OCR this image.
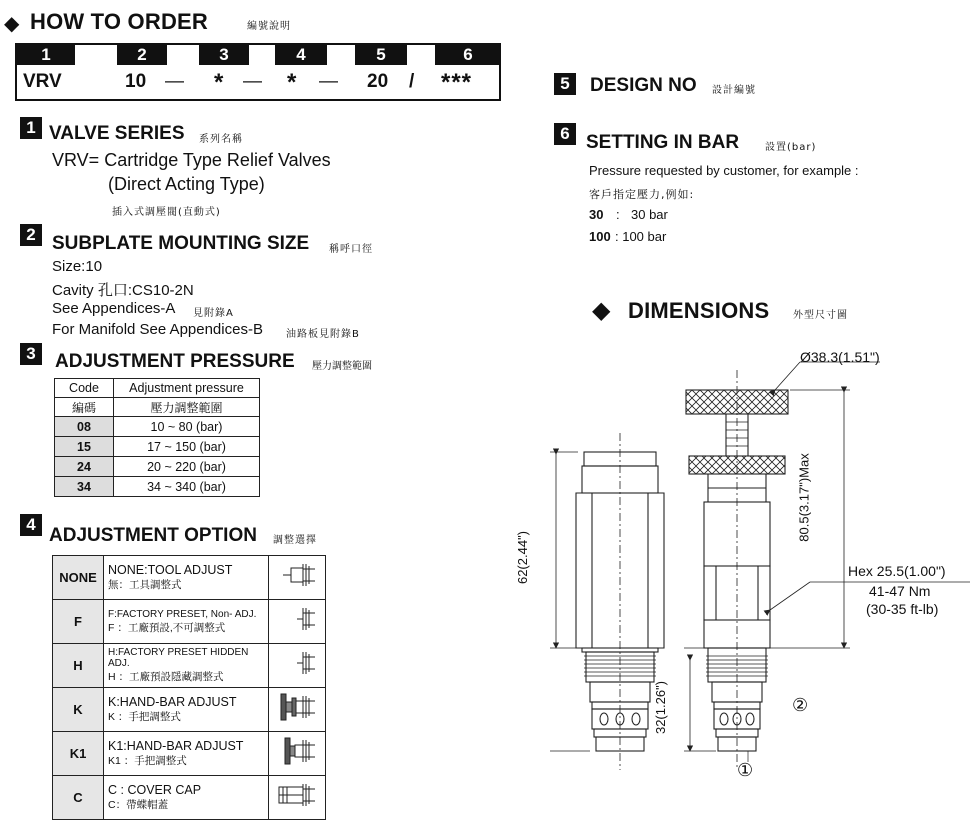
◆ HOW TO ORDER	編號說明
1	2	3	4	5	6
VRV	10 — * — * — 20 / ***
1 VALVE SERIES 系列名稱
VRV= Cartridge Type Relief Valves
(Direct Acting Type)
插入式調壓閥(直動式)
2 SUBPLATE MOUNTING SIZE 稱呼口徑
Size:10
Cavity 孔口:CS10-2N
See Appendices-A 見附錄A
For Manifold See Appendices-B 油路板見附錄B
3	ADJUSTMENT PRESSURE 壓力調整範圍
Code	Adjustment pressure
編碼	壓力調整範圍
08	10 ~ 80 (bar)
15	17 ~ 150 (bar)
24	20 ~ 220 (bar)
34	34 ~ 340 (bar)
4
ADJUSTMENT OPTION 調整選擇
NONE	NONE:TOOL ADJUST
無：工具調整式

F	F:FACTORY PRESET, Non- ADJ.
F ：工廠預設,不可調整式

H	H:FACTORY PRESET HIDDEN ADJ.
H ：工廠預設隱藏調整式

K	K:HAND-BAR ADJUST
K ：手把調整式

K1	K1:HAND-BAR ADJUST
K1 ：手把調整式

C	C : COVER CAP
C：帶蝶帽蓋

5	DESIGN NO 設計編號
6 SETTING IN BAR	設置(bar)
Pressure requested by customer, for example :
客戶指定壓力,例如:
30 : 30 bar
100 : 100 bar
◆ DIMENSIONS 外型尺寸圖
Ø38.3(1.51")
62(2.44")
80.5(3.17")Max
32(1.26")
Hex 25.5(1.00")
41-47 Nm
(30-35 ft-lb)
①
②
